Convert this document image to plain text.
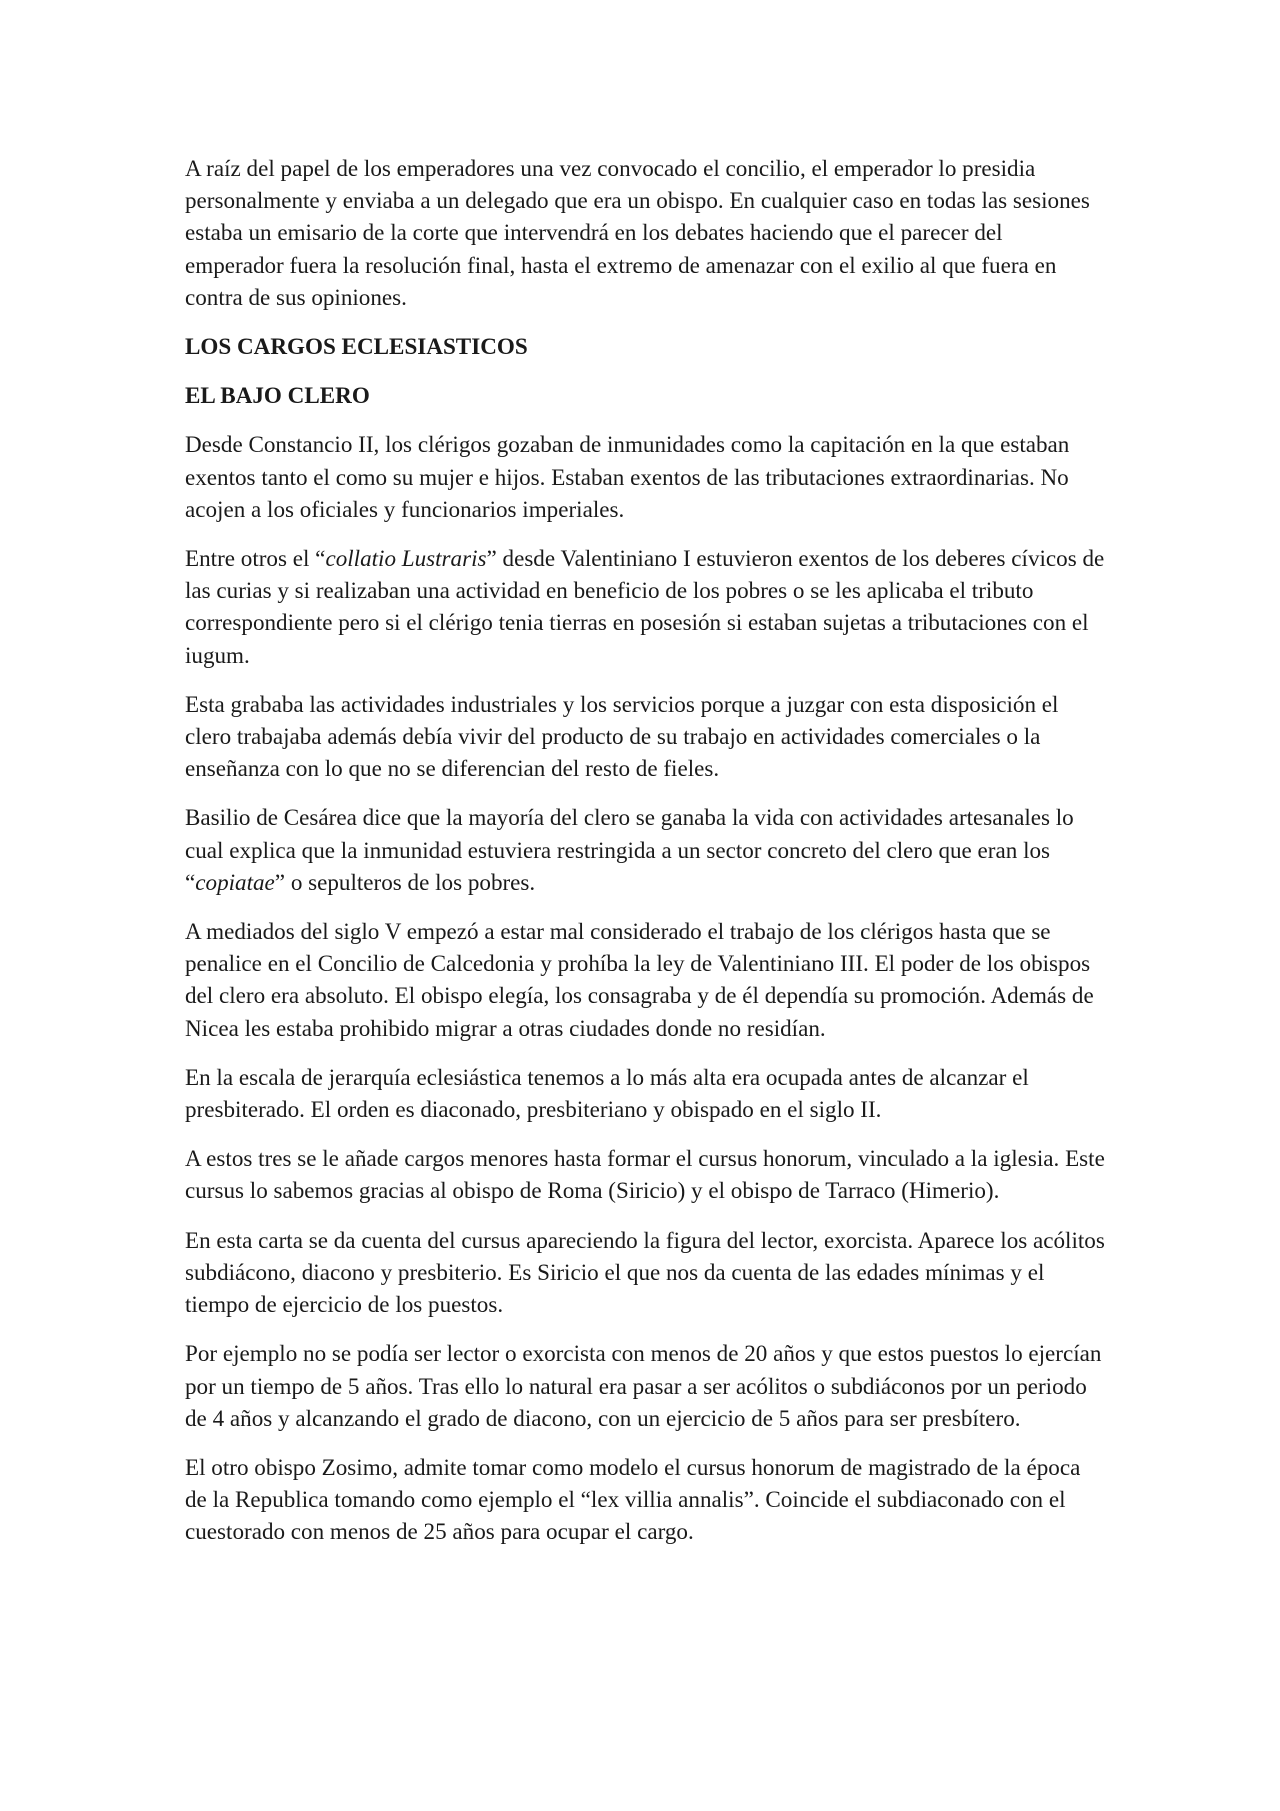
A raíz del papel de los emperadores una vez convocado el concilio, el emperador lo presidia personalmente y enviaba a un delegado que era un obispo. En cualquier caso en todas las sesiones estaba un emisario de la corte que intervendrá en los debates haciendo que el parecer del emperador fuera la resolución final, hasta el extremo de amenazar con el exilio al que fuera en contra de sus opiniones.

LOS CARGOS ECLESIASTICOS
EL BAJO CLERO

Desde Constancio II, los clérigos gozaban de inmunidades como la capitación en la que estaban exentos tanto el como su mujer e hijos. Estaban exentos de las tributaciones extraordinarias. No acojen a los oficiales y funcionarios imperiales.

Entre otros el “collatio Lustraris” desde Valentiniano I estuvieron exentos de los deberes cívicos de las curias y si realizaban una actividad en beneficio de los pobres o se les aplicaba el tributo correspondiente pero si el clérigo tenia tierras en posesión si estaban sujetas a tributaciones con el iugum.

Esta grababa las actividades industriales y los servicios porque a juzgar con esta disposición el clero trabajaba además debía vivir del producto de su trabajo en actividades comerciales o la enseñanza con lo que no se diferencian del resto de fieles.

Basilio de Cesárea dice que la mayoría del clero se ganaba la vida con actividades artesanales lo cual explica que la inmunidad estuviera restringida a un sector concreto del clero que eran los “copiatae” o sepulteros de los pobres.

A mediados del siglo V empezó a estar mal considerado el trabajo de los clérigos hasta que se penalice en el Concilio de Calcedonia y prohíba la ley de Valentiniano III. El poder de los obispos del clero era absoluto. El obispo elegía, los consagraba y de él dependía su promoción. Además de Nicea les estaba prohibido migrar a otras ciudades donde no residían.

En la escala de jerarquía eclesiástica tenemos a lo más alta era ocupada antes de alcanzar el presbiterado. El orden es diaconado, presbiteriano y obispado en el siglo II.

A estos tres se le añade cargos menores hasta formar el cursus honorum, vinculado a la iglesia. Este cursus lo sabemos gracias al obispo de Roma (Siricio) y el obispo de Tarraco (Himerio).

En esta carta se da cuenta del cursus apareciendo la figura del lector, exorcista. Aparece los acólitos subdiácono, diacono y presbiterio. Es Siricio el que nos da cuenta de las edades mínimas y el tiempo de ejercicio de los puestos.

Por ejemplo no se podía ser lector o exorcista con menos de 20 años y que estos puestos lo ejercían por un tiempo de 5 años. Tras ello lo natural era pasar a ser acólitos o subdiáconos por un periodo de 4 años y alcanzando el grado de diacono, con un ejercicio de 5 años para ser presbítero.

El otro obispo Zosimo, admite tomar como modelo el cursus honorum de magistrado de la época de la Republica tomando como ejemplo el “lex villia annalis”. Coincide el subdiaconado con el cuestorado con menos de 25 años para ocupar el cargo.
